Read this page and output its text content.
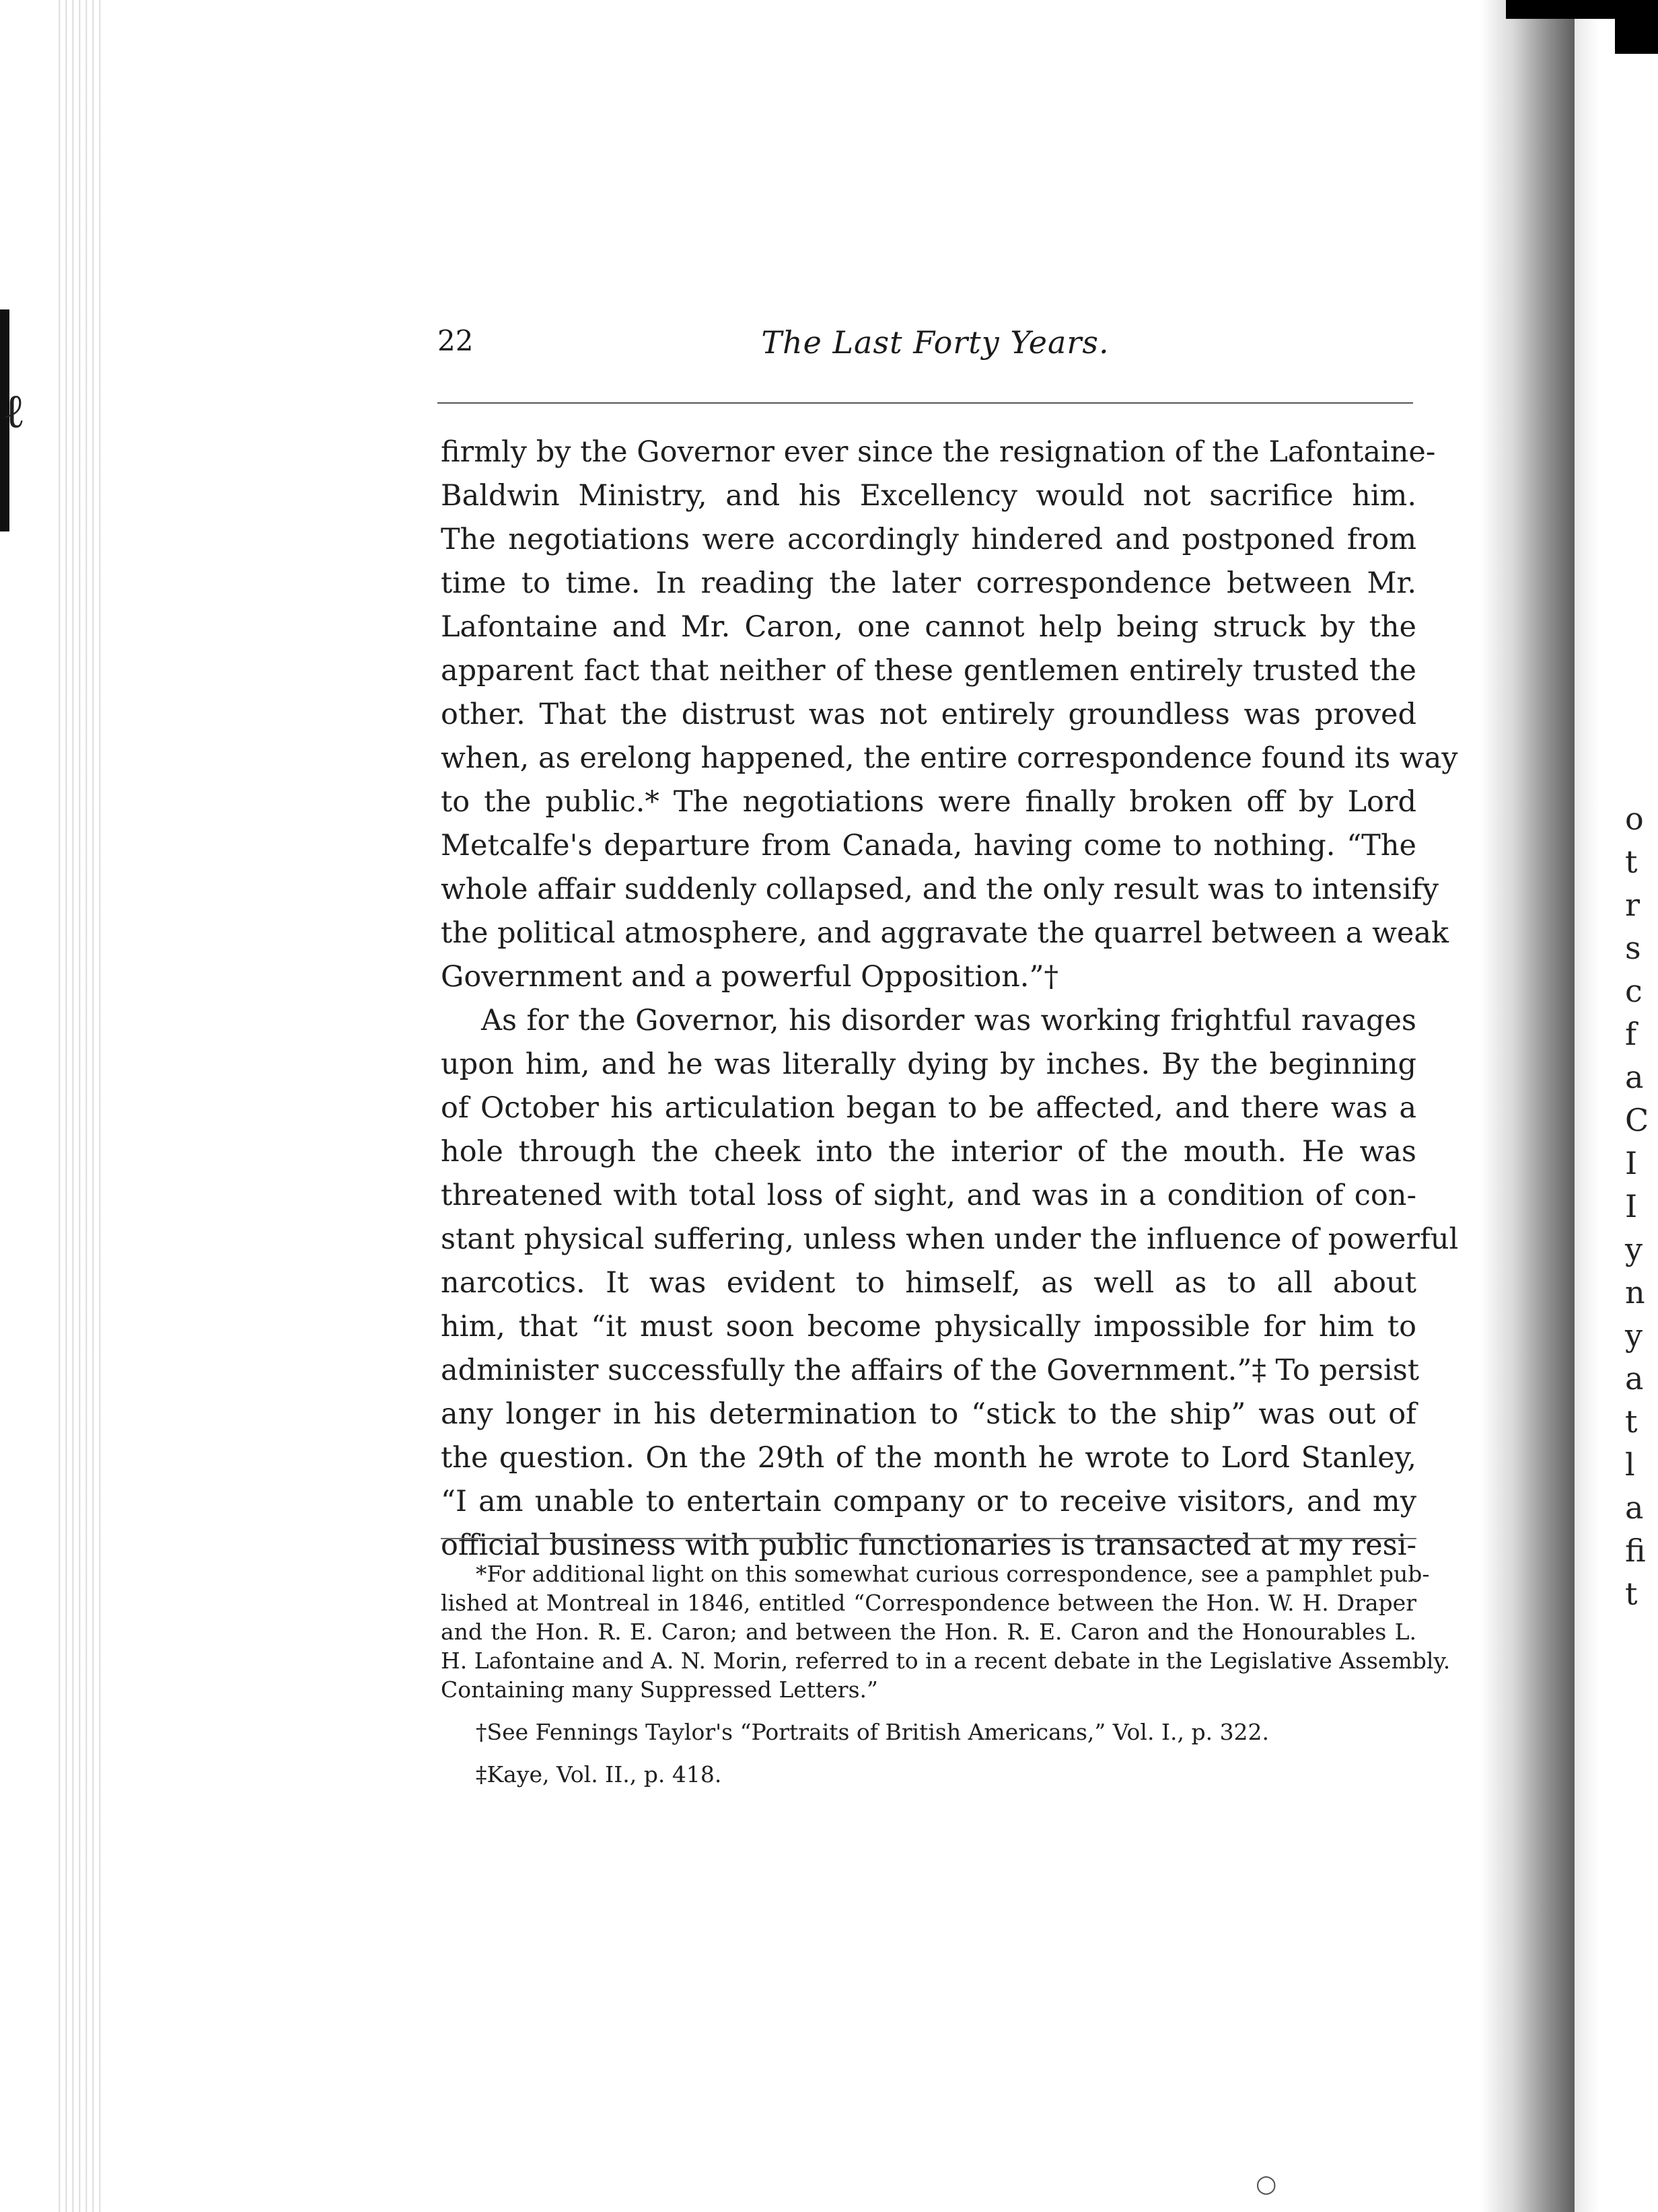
ℓ
o
t
r
s
c
f
a
C
I
I
y
n
y
a
t
l
a
fi
t
○
22	The Last Forty Years.
firmly by the Governor ever since the resignation of the Lafontaine-
Baldwin Ministry, and his Excellency would not sacrifice him.
The negotiations were accordingly hindered and postponed from
time to time. In reading the later correspondence between Mr.
Lafontaine and Mr. Caron, one cannot help being struck by the
apparent fact that neither of these gentlemen entirely trusted the
other. That the distrust was not entirely groundless was proved
when, as erelong happened, the entire correspondence found its way
to the public.* The negotiations were finally broken off by Lord
Metcalfe's departure from Canada, having come to nothing. “The
whole affair suddenly collapsed, and the only result was to intensify
the political atmosphere, and aggravate the quarrel between a weak
Government and a powerful Opposition.”†
As for the Governor, his disorder was working frightful ravages
upon him, and he was literally dying by inches. By the beginning
of October his articulation began to be affected, and there was a
hole through the cheek into the interior of the mouth. He was
threatened with total loss of sight, and was in a condition of con-
stant physical suffering, unless when under the influence of powerful
narcotics. It was evident to himself, as well as to all about
him, that “it must soon become physically impossible for him to
administer successfully the affairs of the Government.”‡ To persist
any longer in his determination to “stick to the ship” was out of
the question. On the 29th of the month he wrote to Lord Stanley,
“I am unable to entertain company or to receive visitors, and my
official business with public functionaries is transacted at my resi-
*For additional light on this somewhat curious correspondence, see a pamphlet pub-
lished at Montreal in 1846, entitled “Correspondence between the Hon. W. H. Draper
and the Hon. R. E. Caron; and between the Hon. R. E. Caron and the Honourables L.
H. Lafontaine and A. N. Morin, referred to in a recent debate in the Legislative Assembly.
Containing many Suppressed Letters.”
†See Fennings Taylor's “Portraits of British Americans,” Vol. I., p. 322.
‡Kaye, Vol. II., p. 418.
